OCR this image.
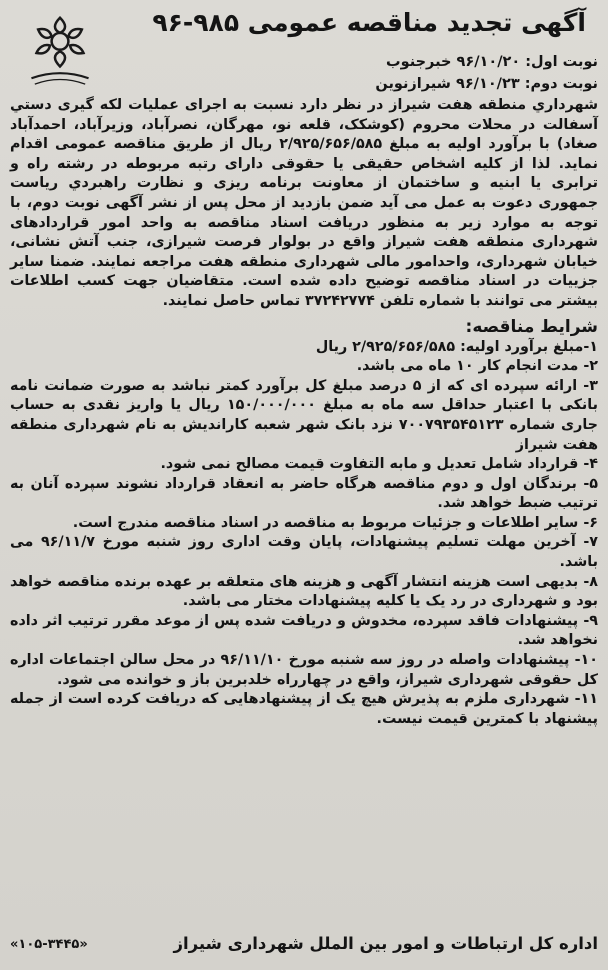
آگهی تجدید مناقصه عمومی ۹۸۵-۹۶
نوبت اول: ۹۶/۱۰/۲۰ خبرجنوب
نوبت دوم: ۹۶/۱۰/۲۳ شیرازنوین
شهرداري منطقه هفت شيراز در نظر دارد نسبت به اجرای عملیات لکه گیری دستي آسفالت در محلات محروم (کوشکک، قلعه نو، مهرگان، نصرآباد، وزیرآباد، احمدآباد صغاد) با برآورد اولیه به مبلغ ۲/۹۲۵/۶۵۶/۵۸۵ ریال از طریق مناقصه عمومی اقدام نماید. لذا از کلیه اشخاص حقیقی یا حقوقی دارای رتبه مربوطه در رشته راه و ترابری یا ابنیه و ساختمان از معاونت برنامه ریزی و نظارت راهبردي ریاست جمهوری دعوت به عمل می آید ضمن بازدید از محل پس از نشر آگهی نوبت دوم، با توجه به موارد زیر به منظور دریافت اسناد مناقصه به واحد امور قراردادهای شهرداری منطقه هفت شیراز واقع در بولوار فرصت شیرازی، جنب آتش نشانی، خیابان شهرداری، واحدامور مالی شهرداری منطقه هفت مراجعه نمایند. ضمنا سایر جزییات در اسناد مناقصه توضیح داده شده است. متقاضیان جهت کسب اطلاعات بیشتر می توانند با شماره تلفن ۳۷۲۴۲۷۷۴ تماس حاصل نمایند.
شرایط مناقصه:
۱-مبلغ برآورد اولیه: ۲/۹۲۵/۶۵۶/۵۸۵ ریال
۲- مدت انجام کار ۱۰ ماه می باشد.
۳- ارائه سپرده ای که از ۵ درصد مبلغ کل برآورد کمتر نباشد به صورت ضمانت نامه بانکی با اعتبار حداقل سه ماه به مبلغ ۱۵۰/۰۰۰/۰۰۰ ریال یا واریز نقدی به حساب جاری شماره ۷۰۰۷۹۳۵۴۵۱۲۳ نزد بانک شهر شعبه کاراندیش به نام شهرداری منطقه هفت شیراز
۴- قرارداد شامل تعدیل و مابه التفاوت قیمت مصالح نمی شود.
۵- برندگان اول و دوم مناقصه هرگاه حاضر به انعقاد قرارداد نشوند سپرده آنان به ترتیب ضبط خواهد شد.
۶- سایر اطلاعات و جزئیات مربوط به مناقصه در اسناد مناقصه مندرج است.
۷- آخرین مهلت تسلیم پیشنهادات، پایان وقت اداری روز شنبه مورخ ۹۶/۱۱/۷ می باشد.
۸- بدیهی است هزینه انتشار آگهی و هزینه های متعلقه بر عهده برنده مناقصه خواهد بود و شهرداری در رد یک یا کلیه پیشنهادات مختار می باشد.
۹- پیشنهادات فاقد سپرده، مخدوش و دریافت شده پس از موعد مقرر ترتیب اثر داده نخواهد شد.
۱۰- پیشنهادات واصله در روز سه شنبه مورخ ۹۶/۱۱/۱۰ در محل سالن اجتماعات اداره کل حقوقی شهرداری شیراز، واقع در چهارراه خلدبرین باز و خوانده می شود.
۱۱- شهرداری ملزم به پذیرش هیچ یک از پیشنهادهایی که دریافت کرده است از جمله پیشنهاد با کمترین قیمت نیست.
اداره کل ارتباطات و امور بین الملل شهرداری شیراز
«۱۰۵-۳۴۴۵»
